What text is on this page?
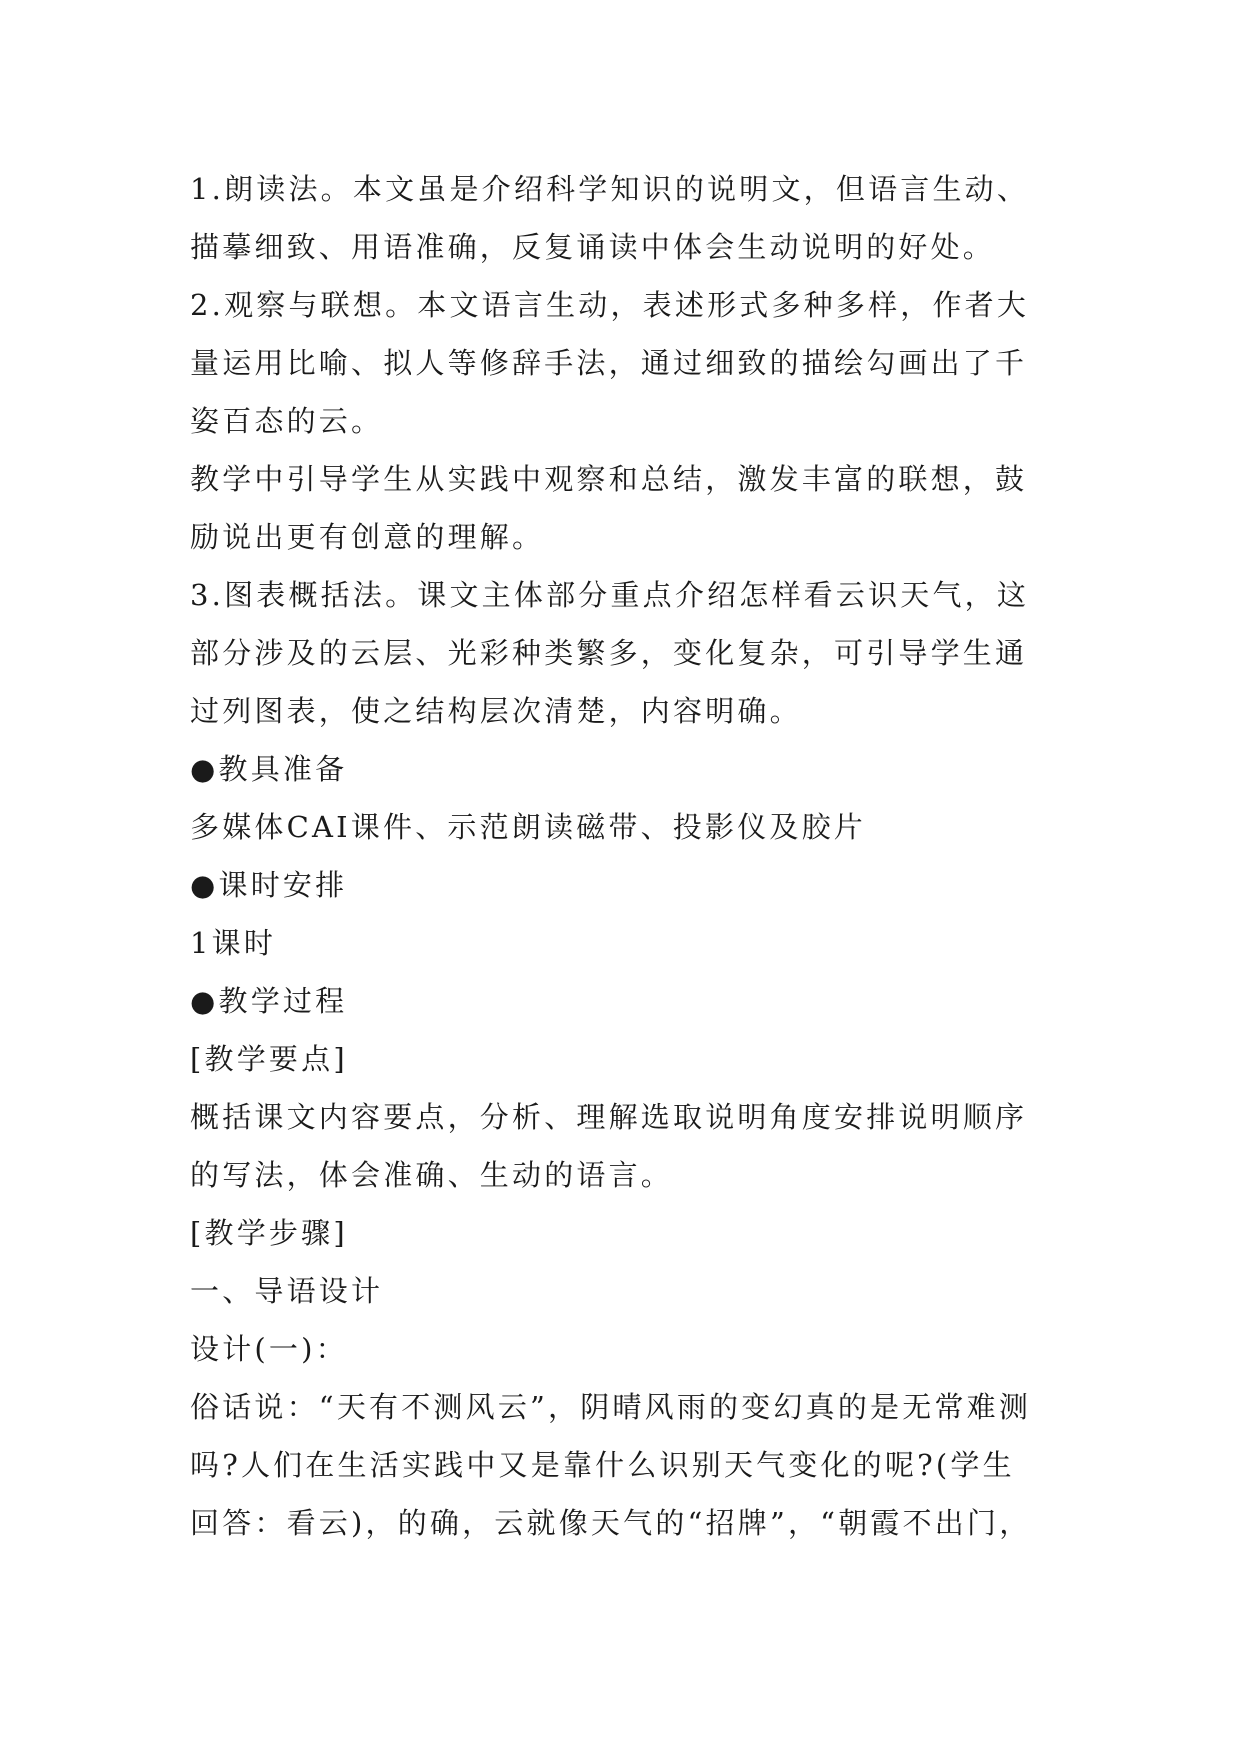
1.朗读法。本文虽是介绍科学知识的说明文，但语言生动、
描摹细致、用语准确，反复诵读中体会生动说明的好处。
2.观察与联想。本文语言生动，表述形式多种多样，作者大
量运用比喻、拟人等修辞手法，通过细致的描绘勾画出了千
姿百态的云。
教学中引导学生从实践中观察和总结，激发丰富的联想，鼓
励说出更有创意的理解。
3.图表概括法。课文主体部分重点介绍怎样看云识天气，这
部分涉及的云层、光彩种类繁多，变化复杂，可引导学生通
过列图表，使之结构层次清楚，内容明确。
●教具准备
多媒体CAI课件、示范朗读磁带、投影仪及胶片
●课时安排
1课时
●教学过程
[教学要点]
概括课文内容要点，分析、理解选取说明角度安排说明顺序
的写法，体会准确、生动的语言。
[教学步骤]
一、导语设计
设计(一)：
俗话说：“天有不测风云”，阴晴风雨的变幻真的是无常难测
吗?人们在生活实践中又是靠什么识别天气变化的呢?(学生
回答：看云)，的确，云就像天气的“招牌”，“朝霞不出门，
